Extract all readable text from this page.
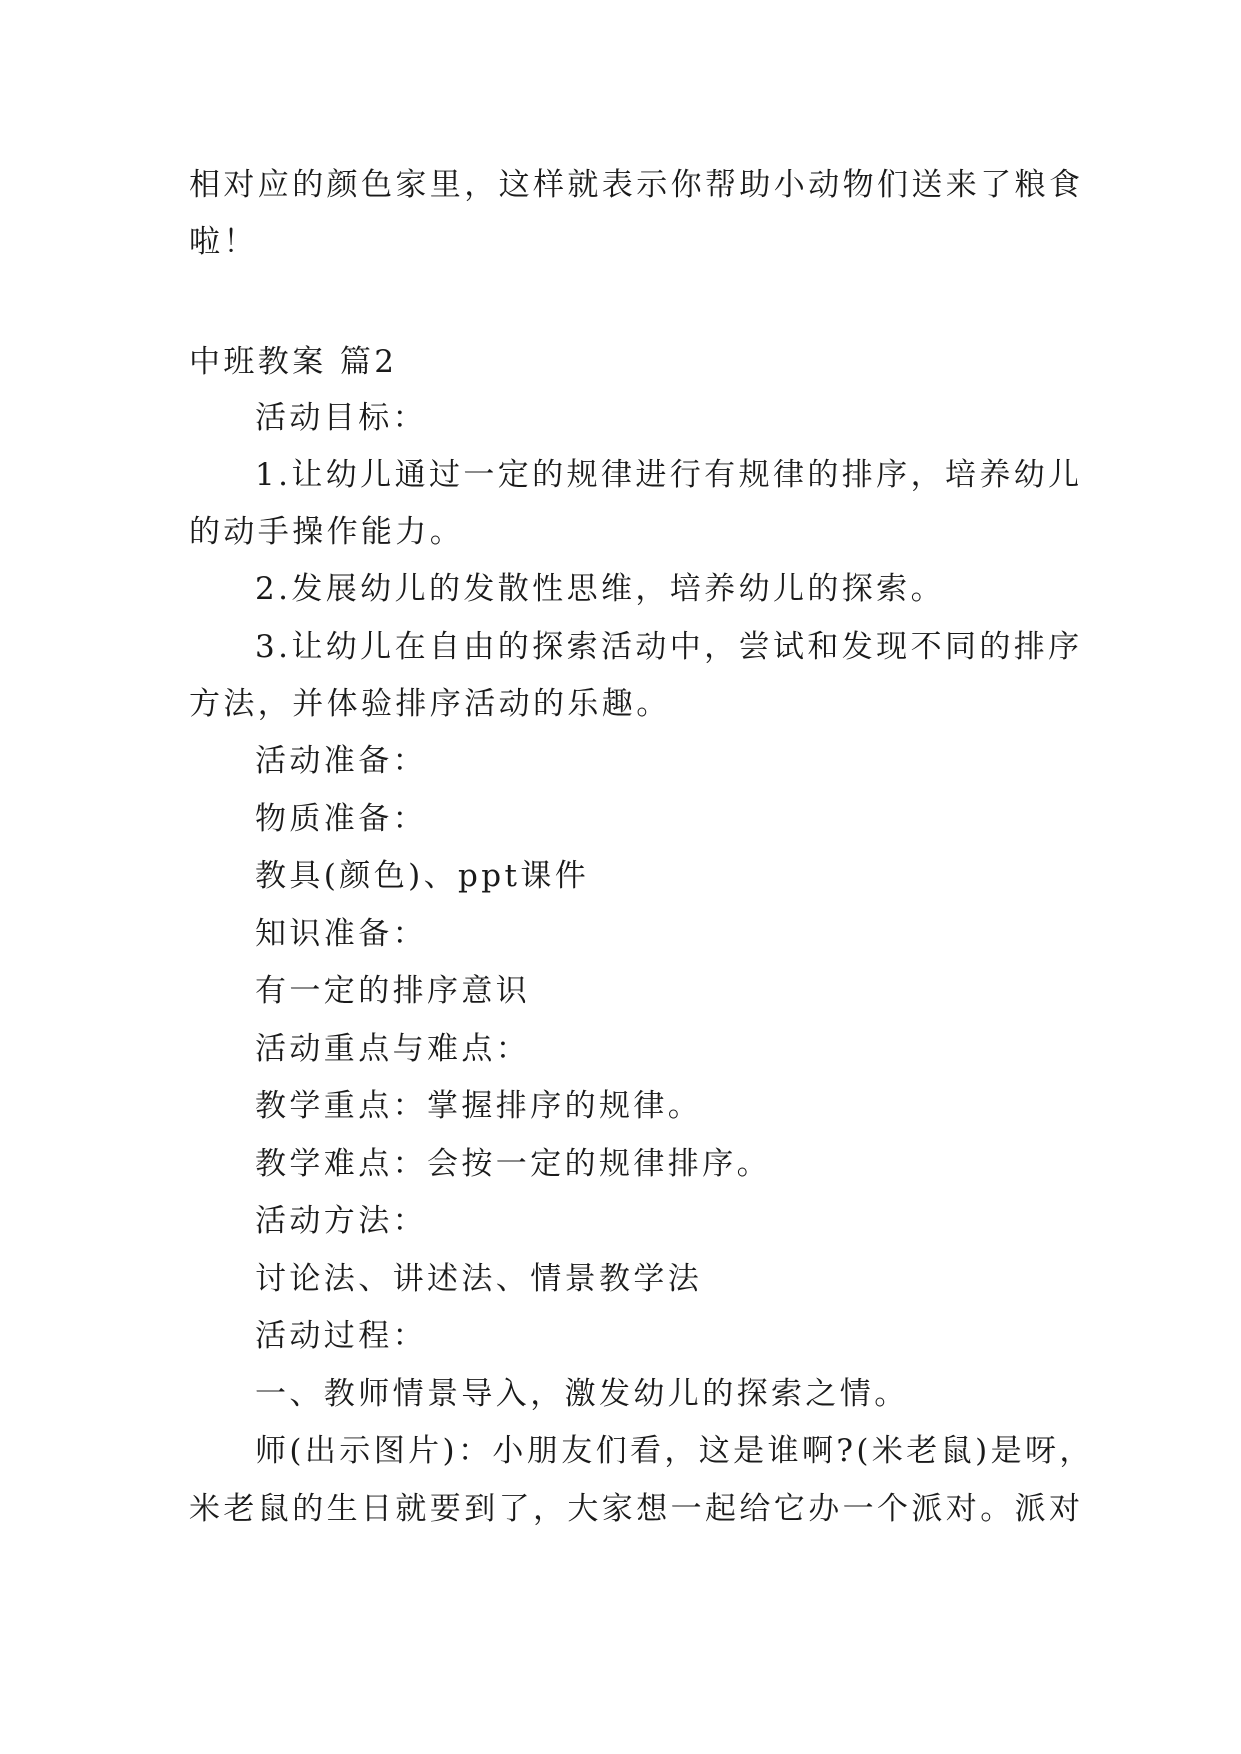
相对应的颜色家里，这样就表示你帮助小动物们送来了粮食
啦！
中班教案 篇2
活动目标：
1.让幼儿通过一定的规律进行有规律的排序，培养幼儿
的动手操作能力。
2.发展幼儿的发散性思维，培养幼儿的探索。
3.让幼儿在自由的探索活动中，尝试和发现不同的排序
方法，并体验排序活动的乐趣。
活动准备：
物质准备：
教具(颜色)、ppt课件
知识准备：
有一定的排序意识
活动重点与难点：
教学重点：掌握排序的规律。
教学难点：会按一定的规律排序。
活动方法：
讨论法、讲述法、情景教学法
活动过程：
一、教师情景导入，激发幼儿的探索之情。
师(出示图片)：小朋友们看，这是谁啊?(米老鼠)是呀，
米老鼠的生日就要到了，大家想一起给它办一个派对。派对
